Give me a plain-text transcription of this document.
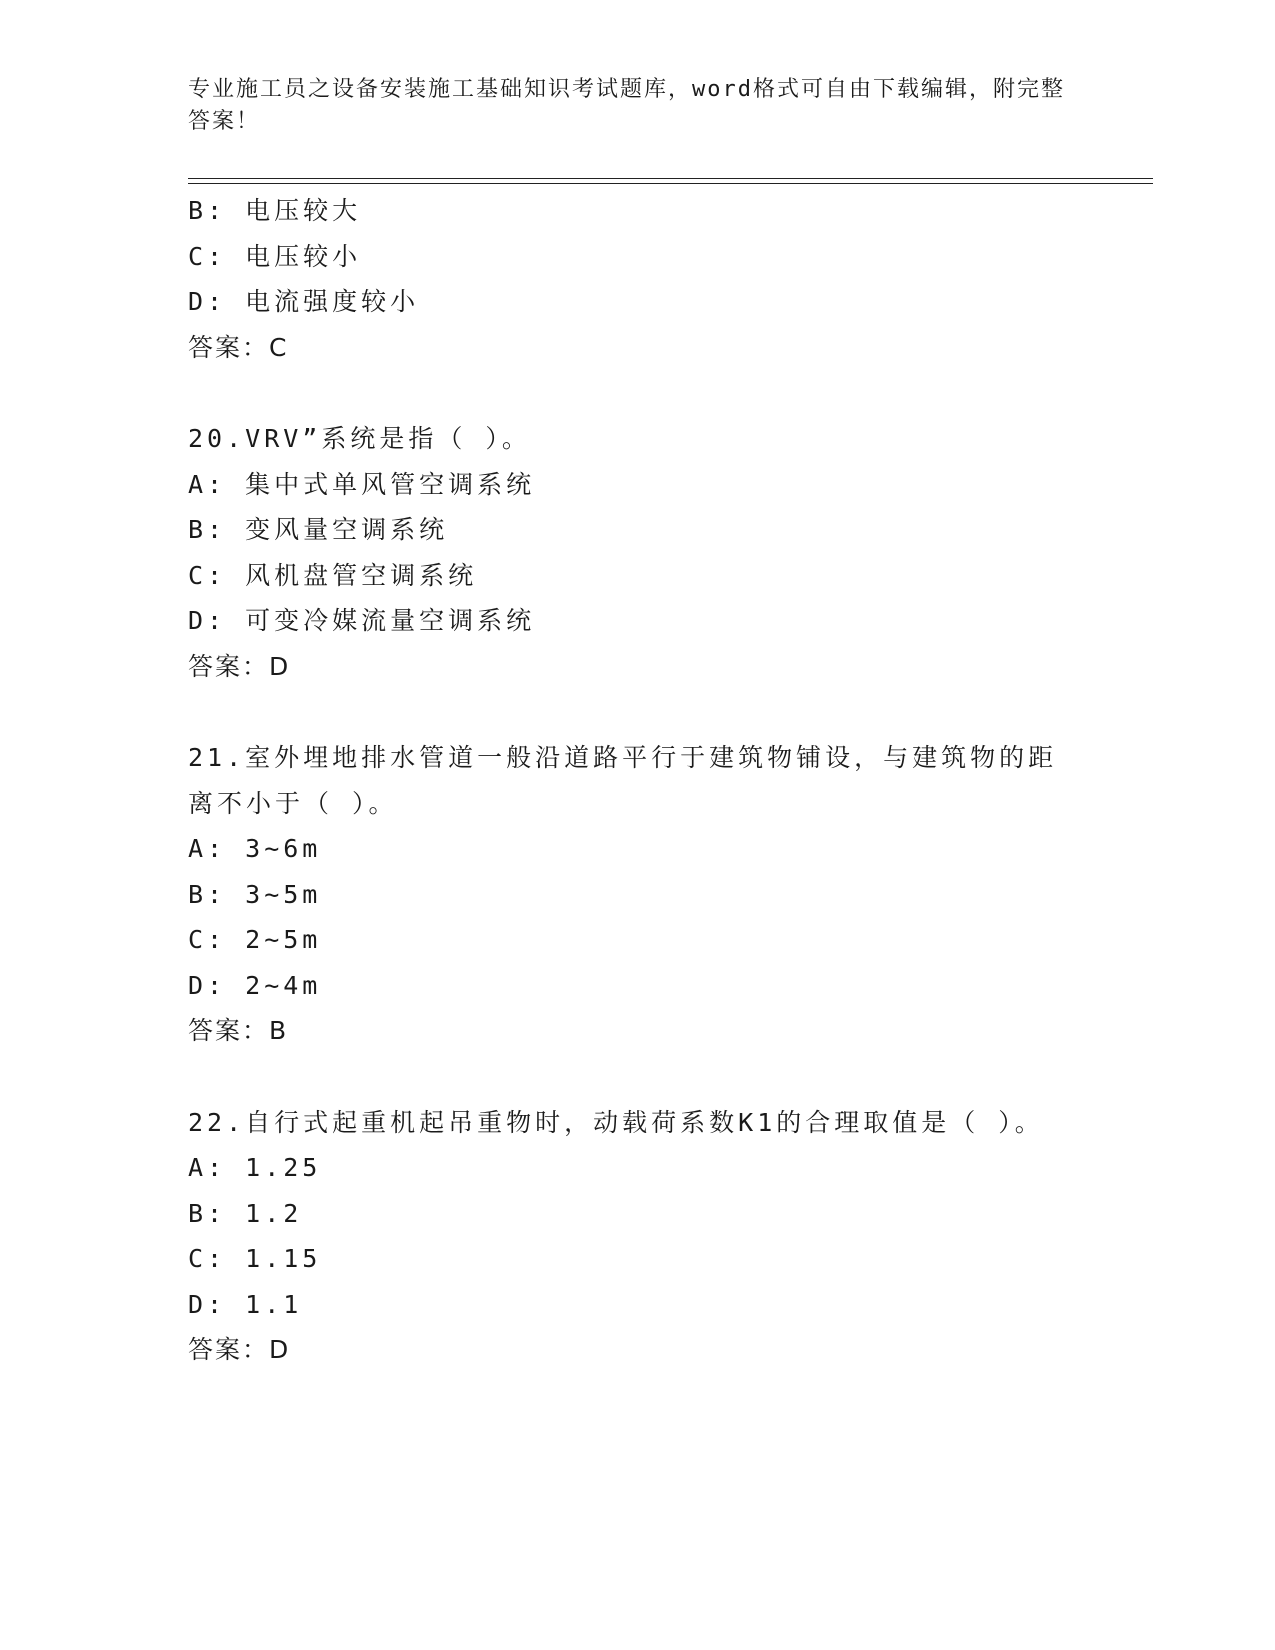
专业施工员之设备安装施工基础知识考试题库，word格式可自由下载编辑，附完整答案！
B: 电压较大
C: 电压较小
D: 电流强度较小
答案：C
20.VRV”系统是指（ ）。
A: 集中式单风管空调系统
B: 变风量空调系统
C: 风机盘管空调系统
D: 可变冷媒流量空调系统
答案：D
21.室外埋地排水管道一般沿道路平行于建筑物铺设，与建筑物的距离不小于（ ）。
A: 3~6m
B: 3~5m
C: 2~5m
D: 2~4m
答案：B
22.自行式起重机起吊重物时，动载荷系数K1的合理取值是（ ）。
A: 1.25
B: 1.2
C: 1.15
D: 1.1
答案：D
